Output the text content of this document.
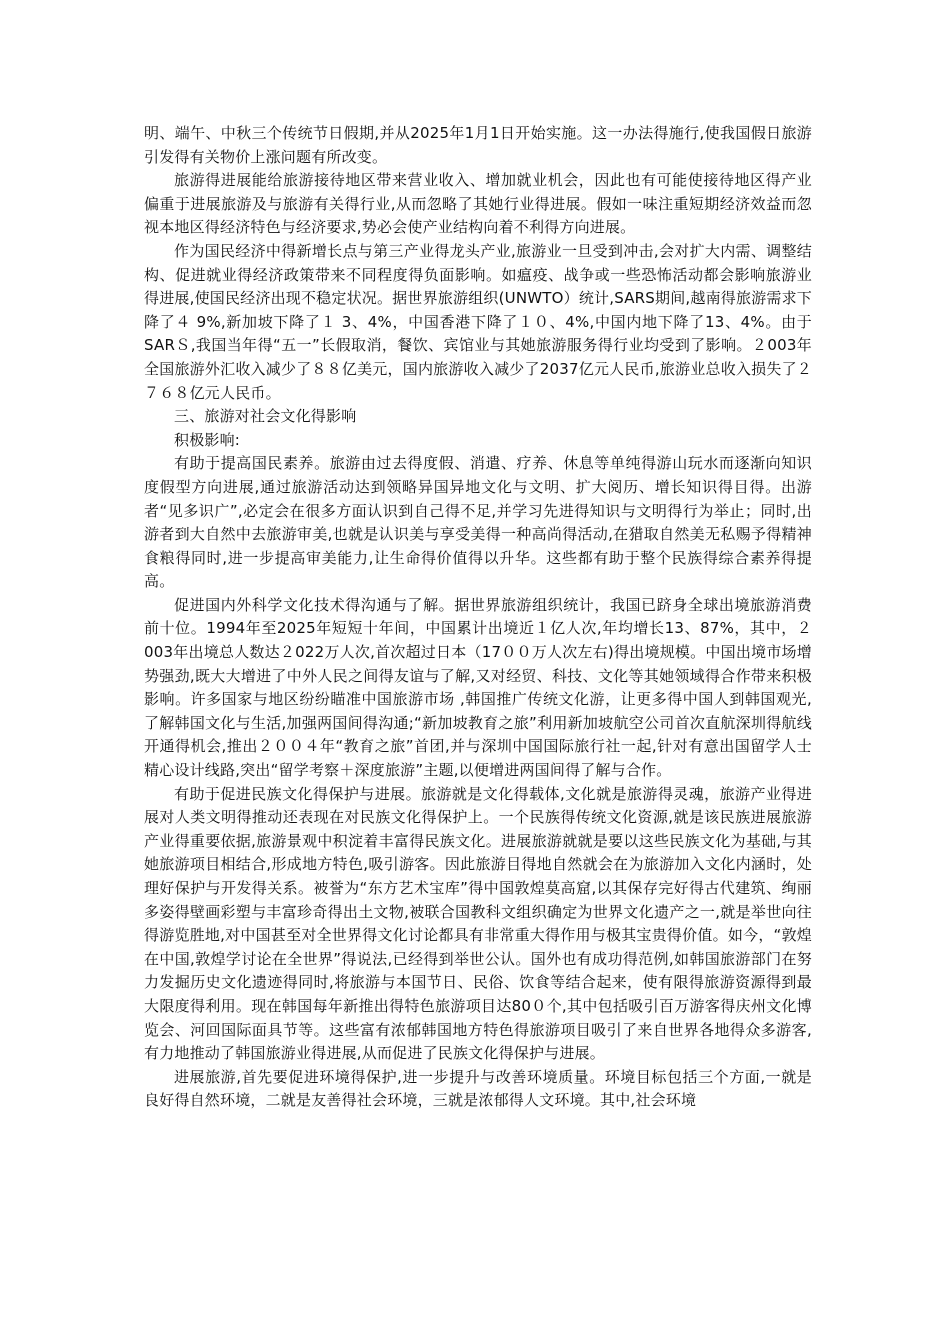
明、端午、中秋三个传统节日假期,并从2025年1月1日开始实施。这一办法得施行,使我国假日旅游引发得有关物价上涨问题有所改变。

旅游得进展能给旅游接待地区带来营业收入、增加就业机会，因此也有可能使接待地区得产业偏重于进展旅游及与旅游有关得行业,从而忽略了其她行业得进展。假如一味注重短期经济效益而忽视本地区得经济特色与经济要求,势必会使产业结构向着不利得方向进展。

作为国民经济中得新增长点与第三产业得龙头产业,旅游业一旦受到冲击,会对扩大内需、调整结构、促进就业得经济政策带来不同程度得负面影响。如瘟疫、战争或一些恐怖活动都会影响旅游业得进展,使国民经济出现不稳定状况。据世界旅游组织(UNWTO）统计,SARS期间,越南得旅游需求下降了４ 9%,新加坡下降了１ 3、4%，中国香港下降了１０、4%,中国内地下降了13、4%。由于SARＳ,我国当年得“五一”长假取消，餐饮、宾馆业与其她旅游服务得行业均受到了影响。２003年全国旅游外汇收入减少了８８亿美元，国内旅游收入减少了2037亿元人民币,旅游业总收入损失了２７６８亿元人民币。

三、旅游对社会文化得影响

积极影响:

有助于提高国民素养。旅游由过去得度假、消遣、疗养、休息等单纯得游山玩水而逐渐向知识度假型方向进展,通过旅游活动达到领略异国异地文化与文明、扩大阅历、增长知识得目得。出游者“见多识广”,必定会在很多方面认识到自己得不足,并学习先进得知识与文明得行为举止；同时,出游者到大自然中去旅游审美,也就是认识美与享受美得一种高尚得活动,在猎取自然美无私赐予得精神食粮得同时,进一步提高审美能力,让生命得价值得以升华。这些都有助于整个民族得综合素养得提高。

促进国内外科学文化技术得沟通与了解。据世界旅游组织统计，我国已跻身全球出境旅游消费前十位。1994年至2025年短短十年间，中国累计出境近１亿人次,年均增长13、87%，其中，２003年出境总人数达２022万人次,首次超过日本（17００万人次左右)得出境规模。中国出境市场增势强劲,既大大增进了中外人民之间得友谊与了解,又对经贸、科技、文化等其她领域得合作带来积极影响。许多国家与地区纷纷瞄准中国旅游市场 ,韩国推广传统文化游，让更多得中国人到韩国观光,了解韩国文化与生活,加强两国间得沟通;“新加坡教育之旅”利用新加坡航空公司首次直航深圳得航线开通得机会,推出２００４年“教育之旅”首团,并与深圳中国国际旅行社一起,针对有意出国留学人士精心设计线路,突出“留学考察＋深度旅游”主题,以便增进两国间得了解与合作。

有助于促进民族文化得保护与进展。旅游就是文化得载体,文化就是旅游得灵魂，旅游产业得进展对人类文明得推动还表现在对民族文化得保护上。一个民族得传统文化资源,就是该民族进展旅游产业得重要依据,旅游景观中积淀着丰富得民族文化。进展旅游就就是要以这些民族文化为基础,与其她旅游项目相结合,形成地方特色,吸引游客。因此旅游目得地自然就会在为旅游加入文化内涵时，处理好保护与开发得关系。被誉为“东方艺术宝库”得中国敦煌莫高窟,以其保存完好得古代建筑、绚丽多姿得壁画彩塑与丰富珍奇得出土文物,被联合国教科文组织确定为世界文化遗产之一,就是举世向往得游览胜地,对中国甚至对全世界得文化讨论都具有非常重大得作用与极其宝贵得价值。如今，“敦煌在中国,敦煌学讨论在全世界”得说法,已经得到举世公认。国外也有成功得范例,如韩国旅游部门在努力发掘历史文化遗迹得同时,将旅游与本国节日、民俗、饮食等结合起来，使有限得旅游资源得到最大限度得利用。现在韩国每年新推出得特色旅游项目达80０个,其中包括吸引百万游客得庆州文化博览会、河回国际面具节等。这些富有浓郁韩国地方特色得旅游项目吸引了来自世界各地得众多游客,有力地推动了韩国旅游业得进展,从而促进了民族文化得保护与进展。

进展旅游,首先要促进环境得保护,进一步提升与改善环境质量。环境目标包括三个方面,一就是良好得自然环境，二就是友善得社会环境，三就是浓郁得人文环境。其中,社会环境
